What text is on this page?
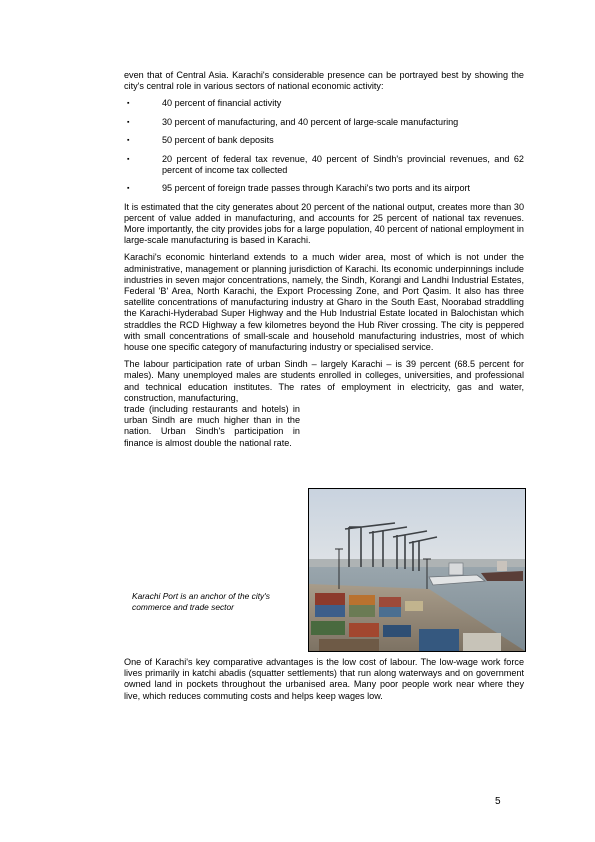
even that of Central Asia. Karachi's considerable presence can be portrayed best by showing the city's central role in various sectors of national economic activity:

▪	40 percent of financial activity
▪	30 percent of manufacturing, and 40 percent of large-scale manufacturing
▪	50 percent of bank deposits
▪	20 percent of federal tax revenue, 40 percent of Sindh's provincial revenues, and 62 percent of income tax collected
▪	95 percent of foreign trade passes through Karachi's two ports and its airport

It is estimated that the city generates about 20 percent of the national output, creates more than 30 percent of value added in manufacturing, and accounts for 25 percent of national tax revenues. More importantly, the city provides jobs for a large population, 40 percent of national employment in large-scale manufacturing is based in Karachi.

Karachi's economic hinterland extends to a much wider area, most of which is not under the administrative, management or planning jurisdiction of Karachi. Its economic underpinnings include industries in seven major concentrations, namely, the Sindh, Korangi and Landhi Industrial Estates, Federal 'B' Area, North Karachi, the Export Processing Zone, and Port Qasim. It also has three satellite concentrations of manufacturing industry at Gharo in the South East, Noorabad straddling the Karachi-Hyderabad Super Highway and the Hub Industrial Estate located in Balochistan which straddles the RCD Highway a few kilometres beyond the Hub River crossing. The city is peppered with small concentrations of small-scale and household manufacturing industries, most of which house one specific category of manufacturing industry or specialised service.

The labour participation rate of urban Sindh – largely Karachi – is 39 percent (68.5 percent for males). Many unemployed males are students enrolled in colleges, universities, and professional and technical education institutes. The rates of employment in electricity, gas and water, construction, manufacturing,

trade (including restaurants and hotels) in urban Sindh are much higher than in the nation. Urban Sindh's participation in finance is almost double the national rate.
Karachi Port is an anchor of the city's commerce and trade sector
One of Karachi's key comparative advantages is the low cost of labour. The low-wage work force lives primarily in katchi abadis (squatter settlements) that run along waterways and on government owned land in pockets throughout the urbanised area. Many poor people work near where they live, which reduces commuting costs and helps keep wages low.
5
